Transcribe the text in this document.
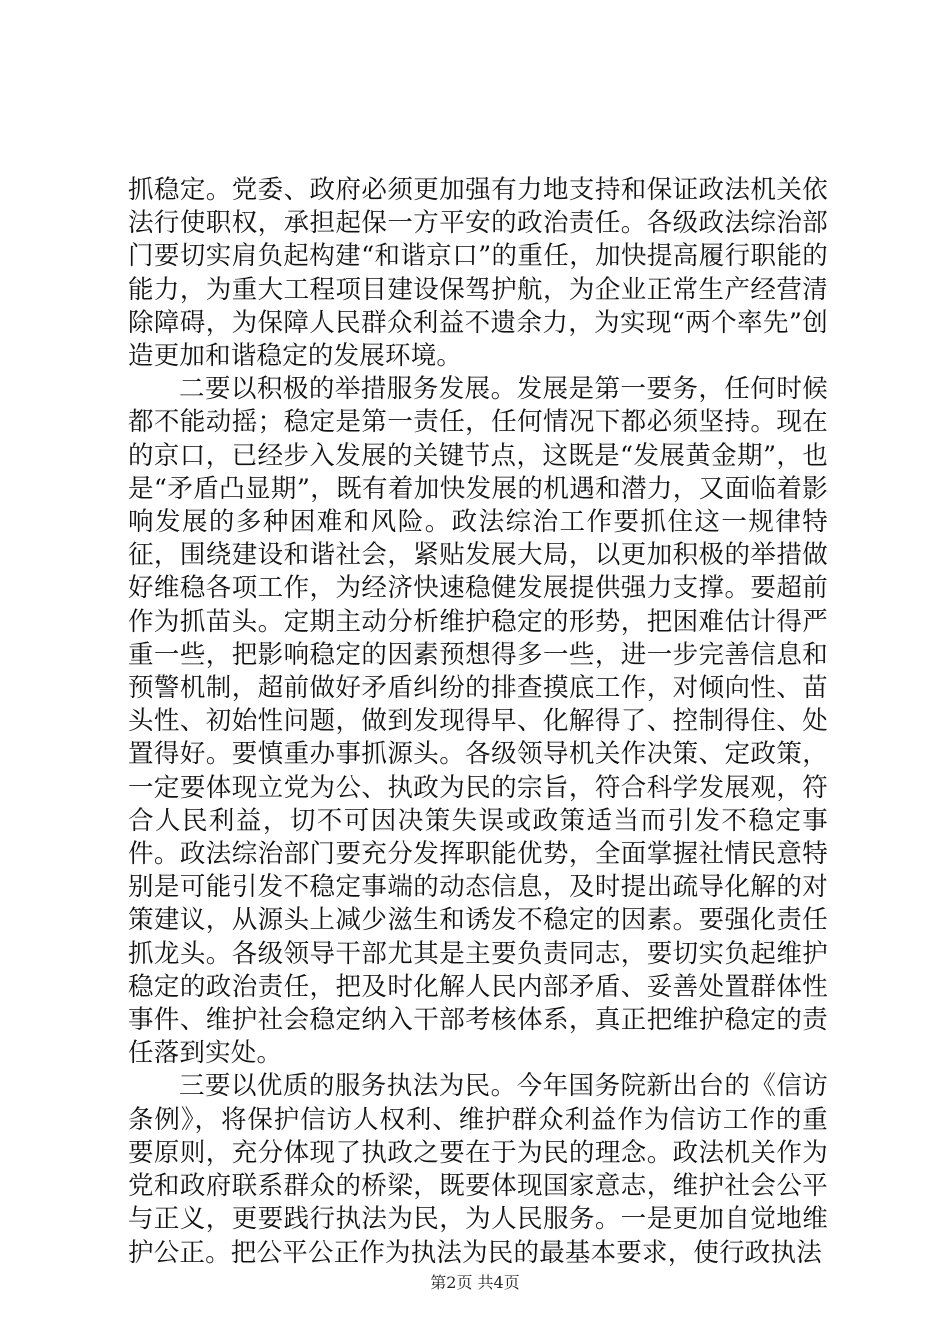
抓稳定。党委、政府必须更加强有力地支持和保证政法机关依法行使职权，承担起保一方平安的政治责任。各级政法综治部门要切实肩负起构建“和谐京口”的重任，加快提高履行职能的能力，为重大工程项目建设保驾护航，为企业正常生产经营清除障碍，为保障人民群众利益不遗余力，为实现“两个率先”创造更加和谐稳定的发展环境。

二要以积极的举措服务发展。发展是第一要务，任何时候都不能动摇；稳定是第一责任，任何情况下都必须坚持。现在的京口，已经步入发展的关键节点，这既是“发展黄金期”，也是“矛盾凸显期”，既有着加快发展的机遇和潜力，又面临着影响发展的多种困难和风险。政法综治工作要抓住这一规律特征，围绕建设和谐社会，紧贴发展大局，以更加积极的举措做好维稳各项工作，为经济快速稳健发展提供强力支撑。要超前作为抓苗头。定期主动分析维护稳定的形势，把困难估计得严重一些，把影响稳定的因素预想得多一些，进一步完善信息和预警机制，超前做好矛盾纠纷的排查摸底工作，对倾向性、苗头性、初始性问题，做到发现得早、化解得了、控制得住、处置得好。要慎重办事抓源头。各级领导机关作决策、定政策，一定要体现立党为公、执政为民的宗旨，符合科学发展观，符合人民利益，切不可因决策失误或政策适当而引发不稳定事件。政法综治部门要充分发挥职能优势，全面掌握社情民意特别是可能引发不稳定事端的动态信息，及时提出疏导化解的对策建议，从源头上减少滋生和诱发不稳定的因素。要强化责任抓龙头。各级领导干部尤其是主要负责同志，要切实负起维护稳定的政治责任，把及时化解人民内部矛盾、妥善处置群体性事件、维护社会稳定纳入干部考核体系，真正把维护稳定的责任落到实处。

三要以优质的服务执法为民。今年国务院新出台的《信访条例》，将保护信访人权利、维护群众利益作为信访工作的重要原则，充分体现了执政之要在于为民的理念。政法机关作为党和政府联系群众的桥梁，既要体现国家意志，维护社会公平与正义，更要践行执法为民，为人民服务。一是更加自觉地维护公正。把公平公正作为执法为民的最基本要求，使行政执法

第2页 共4页
